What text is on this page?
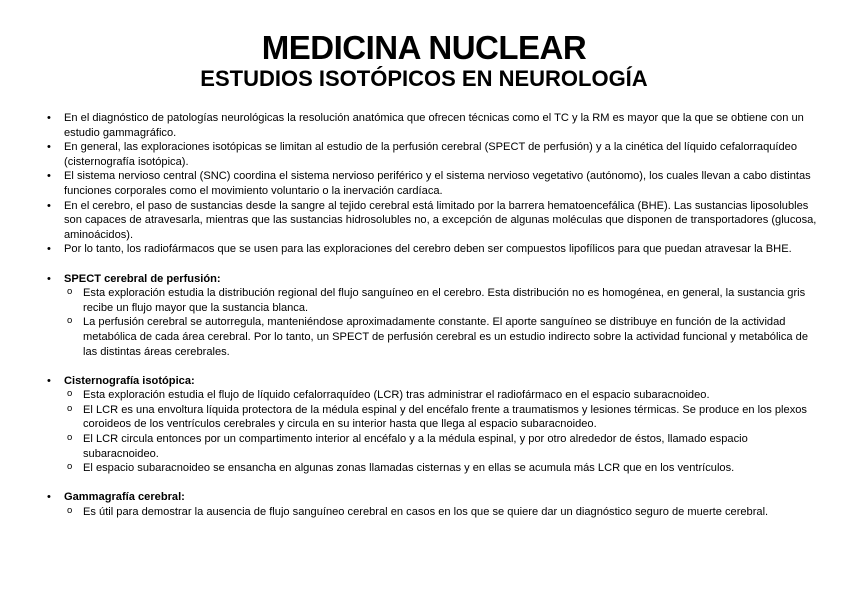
MEDICINA NUCLEAR
ESTUDIOS ISOTÓPICOS EN NEUROLOGÍA
• En el diagnóstico de patologías neurológicas la resolución anatómica que ofrecen técnicas como el TC y la RM es mayor que la que se obtiene con un estudio gammagráfico.
• En general, las exploraciones isotópicas se limitan al estudio de la perfusión cerebral (SPECT de perfusión) y a la cinética del líquido cefalorraquídeo (cisternografía isotópica).
• El sistema nervioso central (SNC) coordina el sistema nervioso periférico y el sistema nervioso vegetativo (autónomo), los cuales llevan a cabo distintas funciones corporales como el movimiento voluntario o la inervación cardíaca.
• En el cerebro, el paso de sustancias desde la sangre al tejido cerebral está limitado por la barrera hematoencefálica (BHE). Las sustancias liposolubles son capaces de atravesarla, mientras que las sustancias hidrosolubles no, a excepción de algunas moléculas que disponen de transportadores (glucosa, aminoácidos).
• Por lo tanto, los radiofármacos que se usen para las exploraciones del cerebro deben ser compuestos lipofílicos para que puedan atravesar la BHE.
• SPECT cerebral de perfusión:
o Esta exploración estudia la distribución regional del flujo sanguíneo en el cerebro. Esta distribución no es homogénea, en general, la sustancia gris recibe un flujo mayor que la sustancia blanca.
o La perfusión cerebral se autorregula, manteniéndose aproximadamente constante. El aporte sanguíneo se distribuye en función de la actividad metabólica de cada área cerebral. Por lo tanto, un SPECT de perfusión cerebral es un estudio indirecto sobre la actividad funcional y metabólica de las distintas áreas cerebrales.
• Cisternografía isotópica:
o Esta exploración estudia el flujo de líquido cefalorraquídeo (LCR) tras administrar el radiofármaco en el espacio subaracnoideo.
o El LCR es una envoltura líquida protectora de la médula espinal y del encéfalo frente a traumatismos y lesiones térmicas. Se produce en los plexos coroideos de los ventrículos cerebrales y circula en su interior hasta que llega al espacio subaracnoideo.
o El LCR circula entonces por un compartimento interior al encéfalo y a la médula espinal, y por otro alrededor de éstos, llamado espacio subaracnoideo.
o El espacio subaracnoideo se ensancha en algunas zonas llamadas cisternas y en ellas se acumula más LCR que en los ventrículos.
• Gammagrafía cerebral:
o Es útil para demostrar la ausencia de flujo sanguíneo cerebral en casos en los que se quiere dar un diagnóstico seguro de muerte cerebral.
